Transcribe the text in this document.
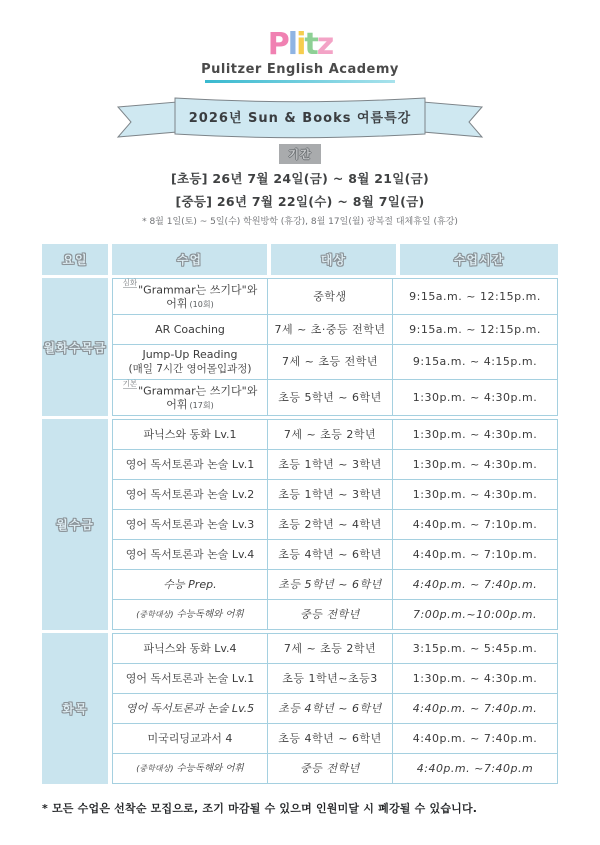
Plitz
Pulitzer English Academy
2026년 Sun & Books 여름특강
기간
[초등] 26년 7월 24일(금) ~ 8월 21일(금)
[중등] 26년 7월 22일(수) ~ 8월 7일(금)
* 8월 1일(토) ~ 5일(수) 학원방학 (휴강), 8월 17일(월) 광복절 대체휴일 (휴강)
요일	수업	대상	수업시간
월화수목금
$^{심화}$"Grammar는 쓰기다"와 어휘 (10회)
중학생	9:15a.m. ~ 12:15p.m.
AR Coaching	7세 ~ 초·중등 전학년	9:15a.m. ~ 12:15p.m.
Jump-Up Reading
(매일 7시간 영어몰입과정)
7세 ~ 초등 전학년	9:15a.m. ~ 4:15p.m.
$^{기본}$"Grammar는 쓰기다"와 어휘 (17회)
초등 5학년 ~ 6학년	1:30p.m. ~ 4:30p.m.
월수금
파닉스와 동화 Lv.1	7세 ~ 초등 2학년	1:30p.m. ~ 4:30p.m.
영어 독서토론과 논술 Lv.1	초등 1학년 ~ 3학년	1:30p.m. ~ 4:30p.m.
영어 독서토론과 논술 Lv.2	초등 1학년 ~ 3학년	1:30p.m. ~ 4:30p.m.
영어 독서토론과 논술 Lv.3	초등 2학년 ~ 4학년	4:40p.m. ~ 7:10p.m.
영어 독서토론과 논술 Lv.4	초등 4학년 ~ 6학년	4:40p.m. ~ 7:10p.m.
수능 Prep.	초등 5학년 ~ 6학년	4:40p.m. ~ 7:40p.m.
(중학대상) 수능독해와 어휘	중등 전학년	7:00p.m.~10:00p.m.
화목
파닉스와 동화 Lv.4	7세 ~ 초등 2학년	3:15p.m. ~ 5:45p.m.
영어 독서토론과 논술 Lv.1	초등 1학년~초등3	1:30p.m. ~ 4:30p.m.
영어 독서토론과 논술 Lv.5	초등 4학년 ~ 6학년	4:40p.m. ~ 7:40p.m.
미국리딩교과서 4	초등 4학년 ~ 6학년	4:40p.m. ~ 7:40p.m.
(중학대상) 수능독해와 어휘	중등 전학년	4:40p.m. ~7:40p.m
* 모든 수업은 선착순 모집으로, 조기 마감될 수 있으며 인원미달 시 폐강될 수 있습니다.
